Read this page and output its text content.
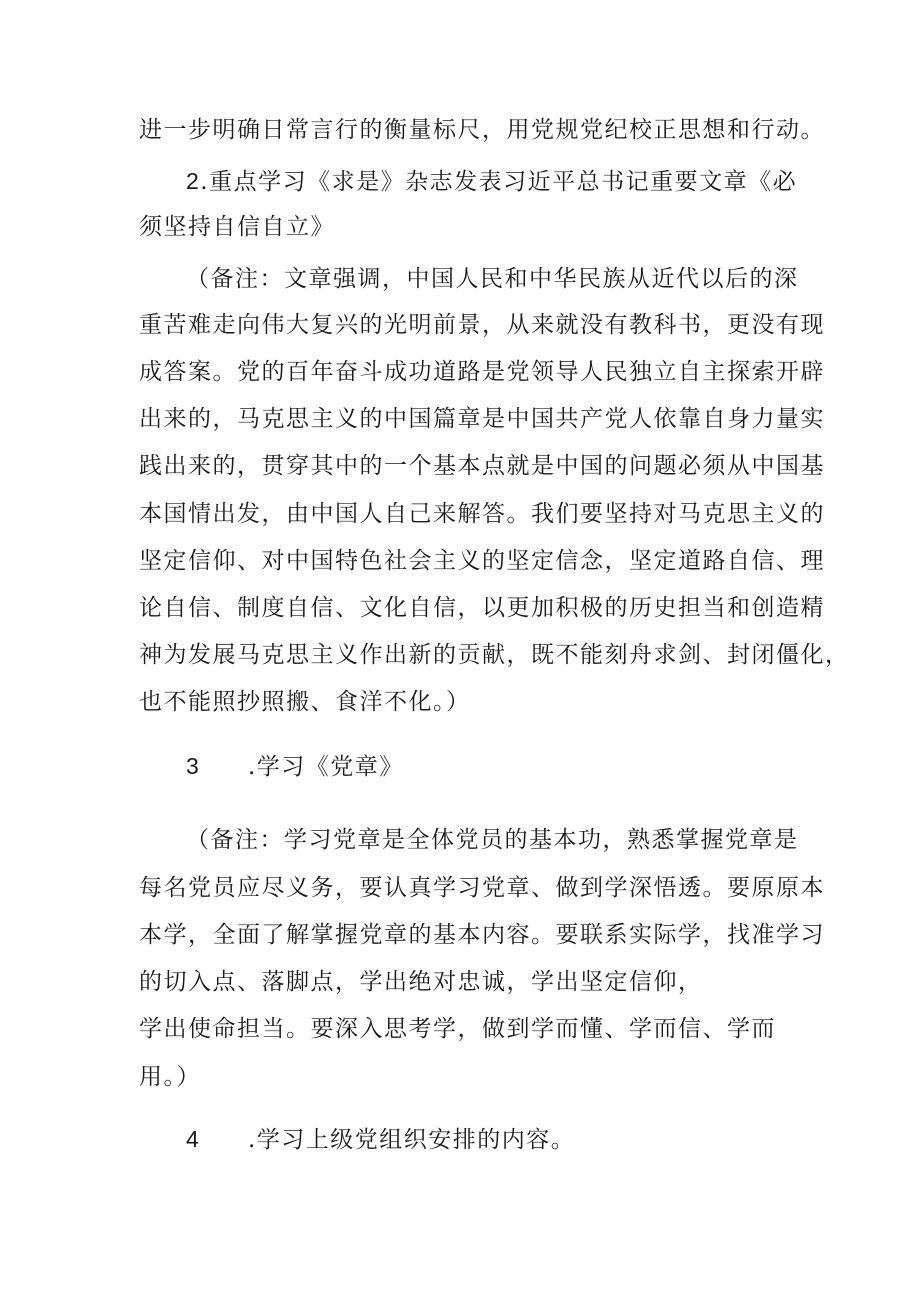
进一步明确日常言行的衡量标尺，用党规党纪校正思想和行动。
2.重点学习《求是》杂志发表习近平总书记重要文章《必
须坚持自信自立》
（备注：文章强调，中国人民和中华民族从近代以后的深
重苦难走向伟大复兴的光明前景，从来就没有教科书，更没有现
成答案。党的百年奋斗成功道路是党领导人民独立自主探索开辟
出来的，马克思主义的中国篇章是中国共产党人依靠自身力量实
践出来的，贯穿其中的一个基本点就是中国的问题必须从中国基
本国情出发，由中国人自己来解答。我们要坚持对马克思主义的
坚定信仰、对中国特色社会主义的坚定信念，坚定道路自信、理
论自信、制度自信、文化自信，以更加积极的历史担当和创造精
神为发展马克思主义作出新的贡献，既不能刻舟求剑、封闭僵化，
也不能照抄照搬、食洋不化。）
3 .学习《党章》
（备注：学习党章是全体党员的基本功，熟悉掌握党章是
每名党员应尽义务，要认真学习党章、做到学深悟透。要原原本
本学，全面了解掌握党章的基本内容。要联系实际学，找准学习
的切入点、落脚点，学出绝对忠诚，学出坚定信仰，
学出使命担当。要深入思考学，做到学而懂、学而信、学而
用。）
4 .学习上级党组织安排的内容。
